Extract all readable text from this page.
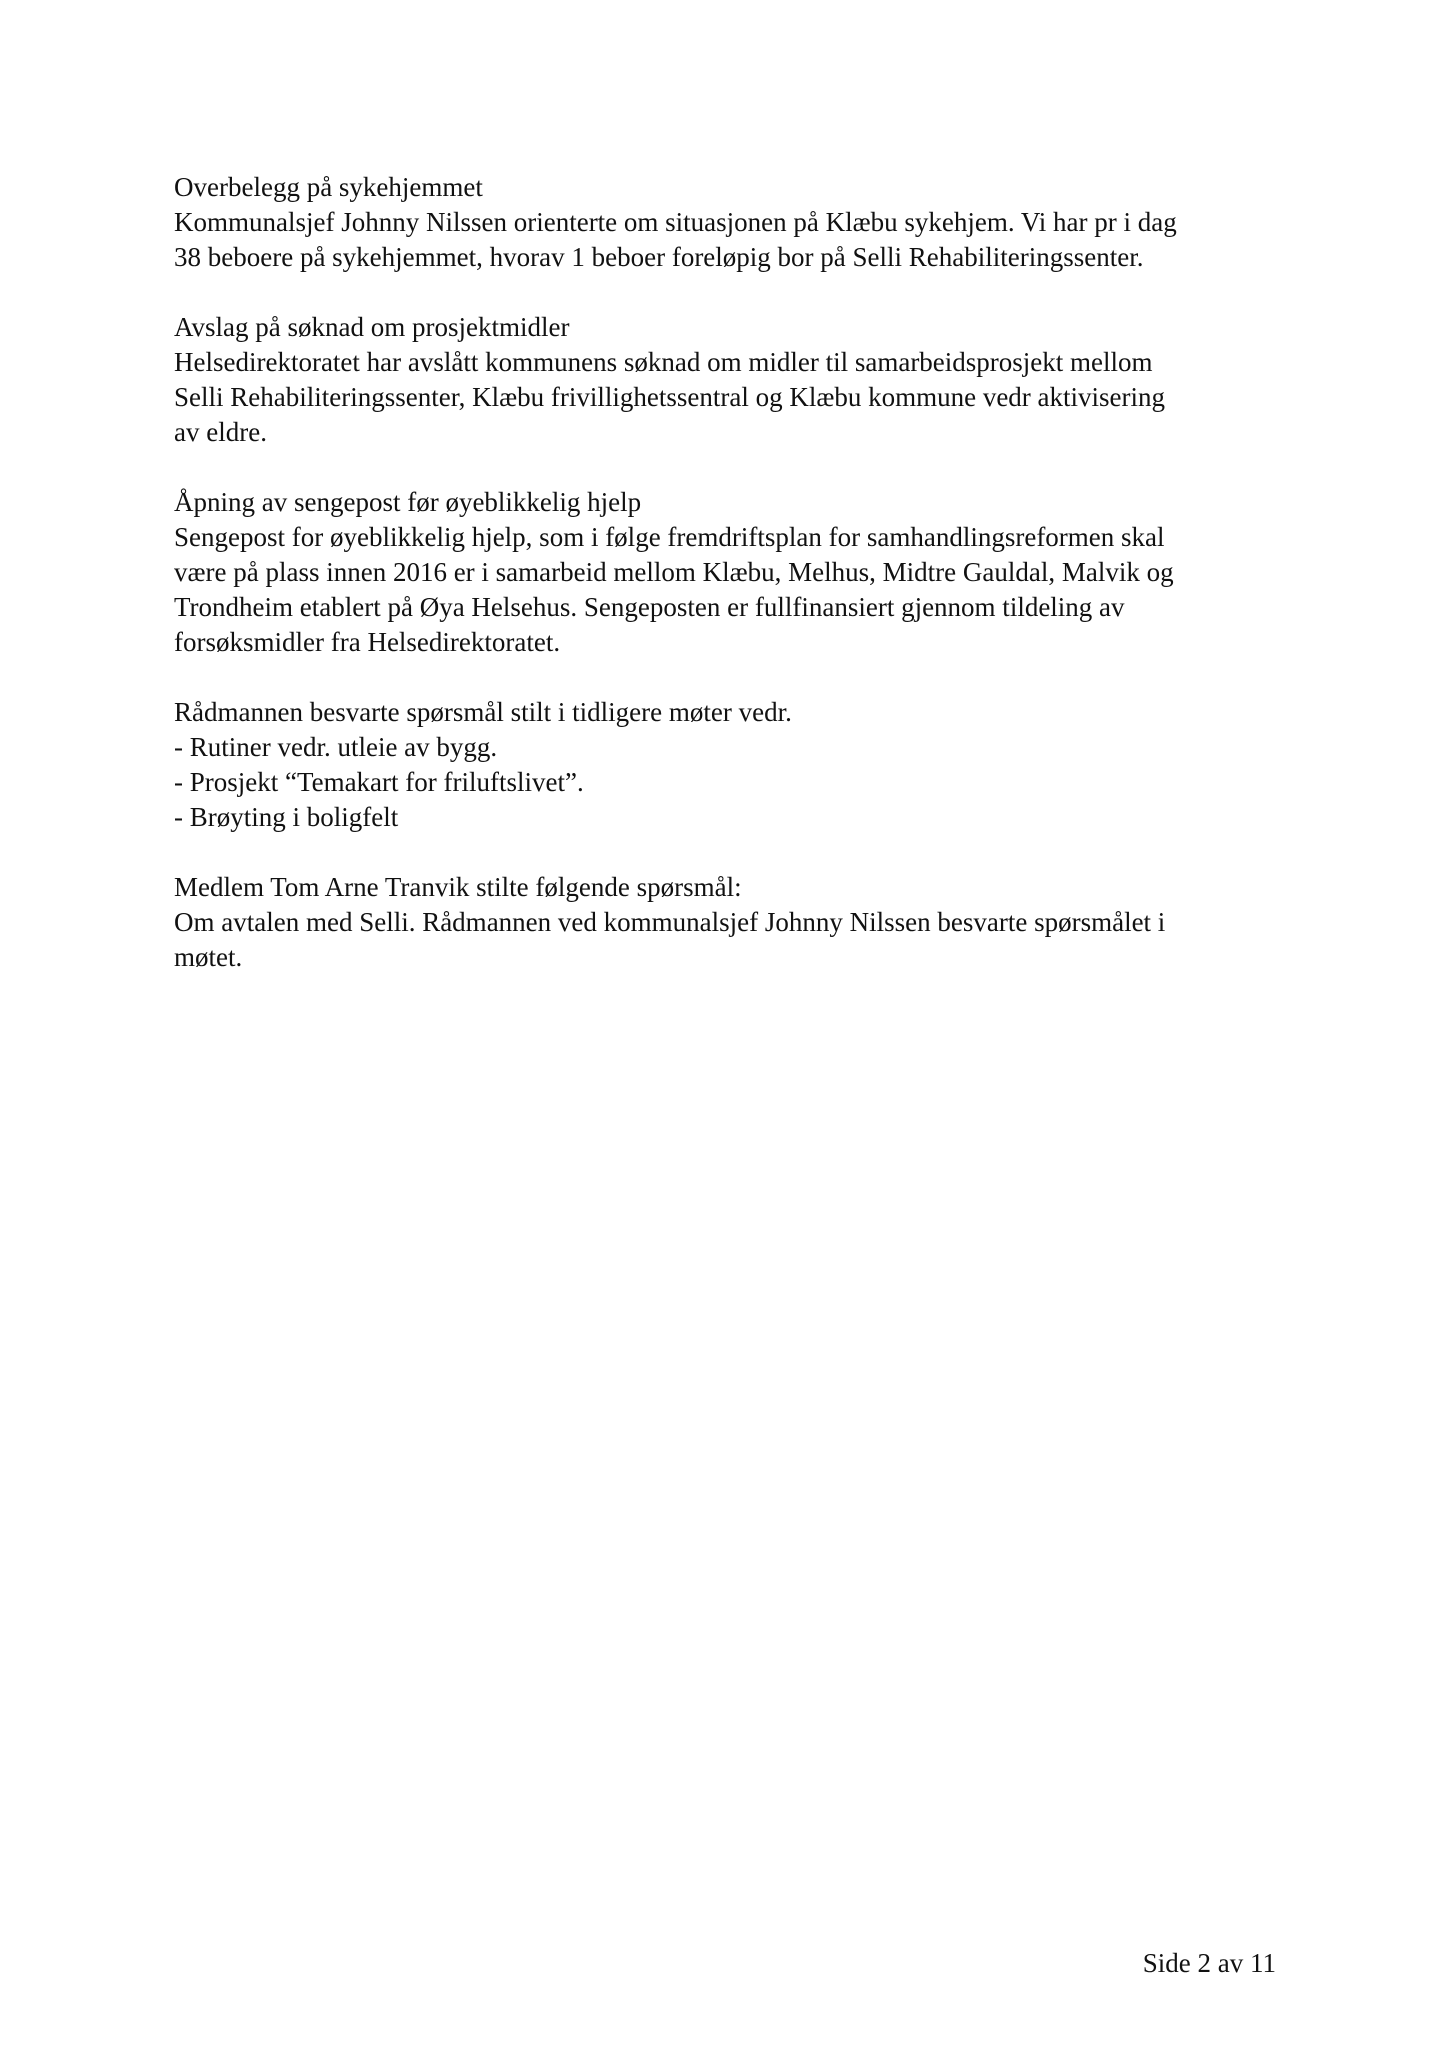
Overbelegg på sykehjemmet
Kommunalsjef Johnny Nilssen orienterte om situasjonen på Klæbu sykehjem. Vi har pr i dag
38 beboere på sykehjemmet, hvorav 1 beboer foreløpig bor på Selli Rehabiliteringssenter.
Avslag på søknad om prosjektmidler
Helsedirektoratet har avslått kommunens søknad om midler til samarbeidsprosjekt mellom
Selli Rehabiliteringssenter, Klæbu frivillighetssentral og Klæbu kommune vedr aktivisering
av eldre.
Åpning av sengepost før øyeblikkelig hjelp
Sengepost for øyeblikkelig hjelp, som i følge fremdriftsplan for samhandlingsreformen skal
være på plass innen 2016 er i samarbeid mellom Klæbu, Melhus, Midtre Gauldal, Malvik og
Trondheim etablert på Øya Helsehus. Sengeposten er fullfinansiert gjennom tildeling av
forsøksmidler fra Helsedirektoratet.
Rådmannen besvarte spørsmål stilt i tidligere møter vedr.
- Rutiner vedr. utleie av bygg.
- Prosjekt “Temakart for friluftslivet”.
- Brøyting i boligfelt
Medlem Tom Arne Tranvik stilte følgende spørsmål:
Om avtalen med Selli. Rådmannen ved kommunalsjef Johnny Nilssen besvarte spørsmålet i
møtet.
Side 2 av 11
